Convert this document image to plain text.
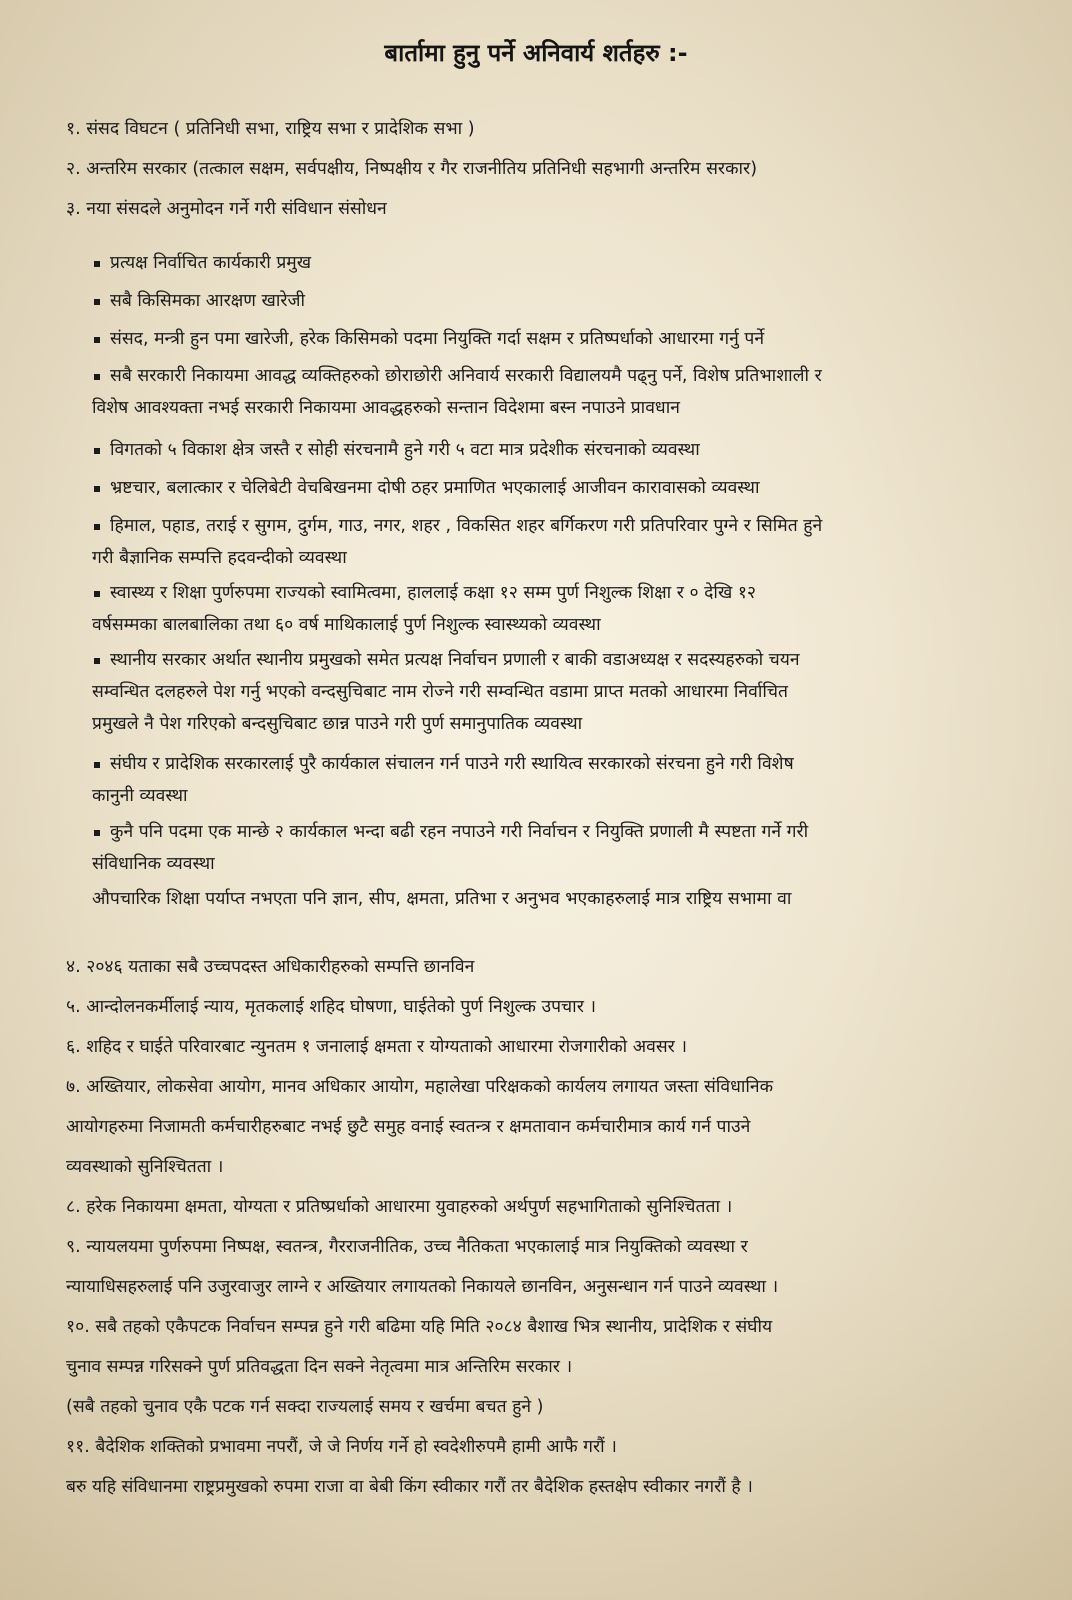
बार्तामा हुनु पर्ने अनिवार्य शर्तहरु :-
१. संसद विघटन ( प्रतिनिधी सभा, राष्ट्रिय सभा र प्रादेशिक सभा )
२. अन्तरिम सरकार (तत्काल सक्षम, सर्वपक्षीय, निष्पक्षीय र गैर राजनीतिय प्रतिनिधी सहभागी अन्तरिम सरकार)
३. नया संसदले अनुमोदन गर्ने गरी संविधान संसोधन
प्रत्यक्ष निर्वाचित कार्यकारी प्रमुख
सबै किसिमका आरक्षण खारेजी
संसद, मन्त्री हुन पमा खारेजी, हरेक किसिमको पदमा नियुक्ति गर्दा सक्षम र प्रतिष्पर्धाको आधारमा गर्नु पर्ने
सबै सरकारी निकायमा आवद्ध व्यक्तिहरुको छोराछोरी अनिवार्य सरकारी विद्यालयमै पढ्नु पर्ने, विशेष प्रतिभाशाली र
विशेष आवश्यक्ता नभई सरकारी निकायमा आवद्धहरुको सन्तान विदेशमा बस्न नपाउने प्रावधान
विगतको ५ विकाश क्षेत्र जस्तै र सोही संरचनामै हुने गरी ५ वटा मात्र प्रदेशीक संरचनाको व्यवस्था
भ्रष्टचार, बलात्कार र चेलिबेटी वेचबिखनमा दोषी ठहर प्रमाणित भएकालाई आजीवन कारावासको व्यवस्था
हिमाल, पहाड, तराई र सुगम, दुर्गम, गाउ, नगर, शहर , विकसित शहर बर्गिकरण गरी प्रतिपरिवार पुग्ने र सिमित हुने
गरी बैज्ञानिक सम्पत्ति हदवन्दीको व्यवस्था
स्वास्थ्य र शिक्षा पुर्णरुपमा राज्यको स्वामित्वमा, हाललाई कक्षा १२ सम्म पुर्ण निशुल्क शिक्षा र ० देखि १२
वर्षसम्मका बालबालिका तथा ६० वर्ष माथिकालाई पुर्ण निशुल्क स्वास्थ्यको व्यवस्था
स्थानीय सरकार अर्थात स्थानीय प्रमुखको समेत प्रत्यक्ष निर्वाचन प्रणाली र बाकी वडाअध्यक्ष र सदस्यहरुको चयन
सम्वन्धित दलहरुले पेश गर्नु भएको वन्दसुचिबाट नाम रोज्ने गरी सम्वन्धित वडामा प्राप्त मतको आधारमा निर्वाचित
प्रमुखले नै पेश गरिएको बन्दसुचिबाट छान्न पाउने गरी पुर्ण समानुपातिक व्यवस्था
संघीय र प्रादेशिक सरकारलाई पुरै कार्यकाल संचालन गर्न पाउने गरी स्थायित्व सरकारको संरचना हुने गरी विशेष
कानुनी व्यवस्था
कुनै पनि पदमा एक मान्छे २ कार्यकाल भन्दा बढी रहन नपाउने गरी निर्वाचन र नियुक्ति प्रणाली मै स्पष्टता गर्ने गरी
संविधानिक व्यवस्था
औपचारिक शिक्षा पर्याप्त नभएता पनि ज्ञान, सीप, क्षमता, प्रतिभा र अनुभव भएकाहरुलाई मात्र राष्ट्रिय सभामा वा
४. २०४६ यताका सबै उच्चपदस्त अधिकारीहरुको सम्पत्ति छानविन
५. आन्दोलनकर्मीलाई न्याय, मृतकलाई शहिद घोषणा, घाईतेको पुर्ण निशुल्क उपचार ।
६. शहिद र घाईते परिवारबाट न्युनतम १ जनालाई क्षमता र योग्यताको आधारमा रोजगारीको अवसर ।
७. अख्तियार, लोकसेवा आयोग, मानव अधिकार आयोग, महालेखा परिक्षकको कार्यलय लगायत जस्ता संविधानिक
आयोगहरुमा निजामती कर्मचारीहरुबाट नभई छुटै समुह वनाई स्वतन्त्र र क्षमतावान कर्मचारीमात्र कार्य गर्न पाउने
व्यवस्थाको सुनिश्चितता ।
८. हरेक निकायमा क्षमता, योग्यता र प्रतिष्प्रर्धाको आधारमा युवाहरुको अर्थपुर्ण सहभागिताको सुनिश्चितता ।
९. न्यायलयमा पुर्णरुपमा निष्पक्ष, स्वतन्त्र, गैरराजनीतिक, उच्च नैतिकता भएकालाई मात्र नियुक्तिको व्यवस्था र
न्यायाधिसहरुलाई पनि उजुरवाजुर लाग्ने र अख्तियार लगायतको निकायले छानविन, अनुसन्धान गर्न पाउने व्यवस्था ।
१०. सबै तहको एकैपटक निर्वाचन सम्पन्न हुने गरी बढिमा यहि मिति २०८४ बैशाख भित्र स्थानीय, प्रादेशिक र संघीय
चुनाव सम्पन्न गरिसक्ने पुर्ण प्रतिवद्धता दिन सक्ने नेतृत्वमा मात्र अन्तिरिम सरकार ।
(सबै तहको चुनाव एकै पटक गर्न सक्दा राज्यलाई समय र खर्चमा बचत हुने )
११. बैदेशिक शक्तिको प्रभावमा नपरौं, जे जे निर्णय गर्ने हो स्वदेशीरुपमै हामी आफै गरौं ।
बरु यहि संविधानमा राष्ट्रप्रमुखको रुपमा राजा वा बेबी किंग स्वीकार गरौं तर बैदेशिक हस्तक्षेप स्वीकार नगरौं है ।
